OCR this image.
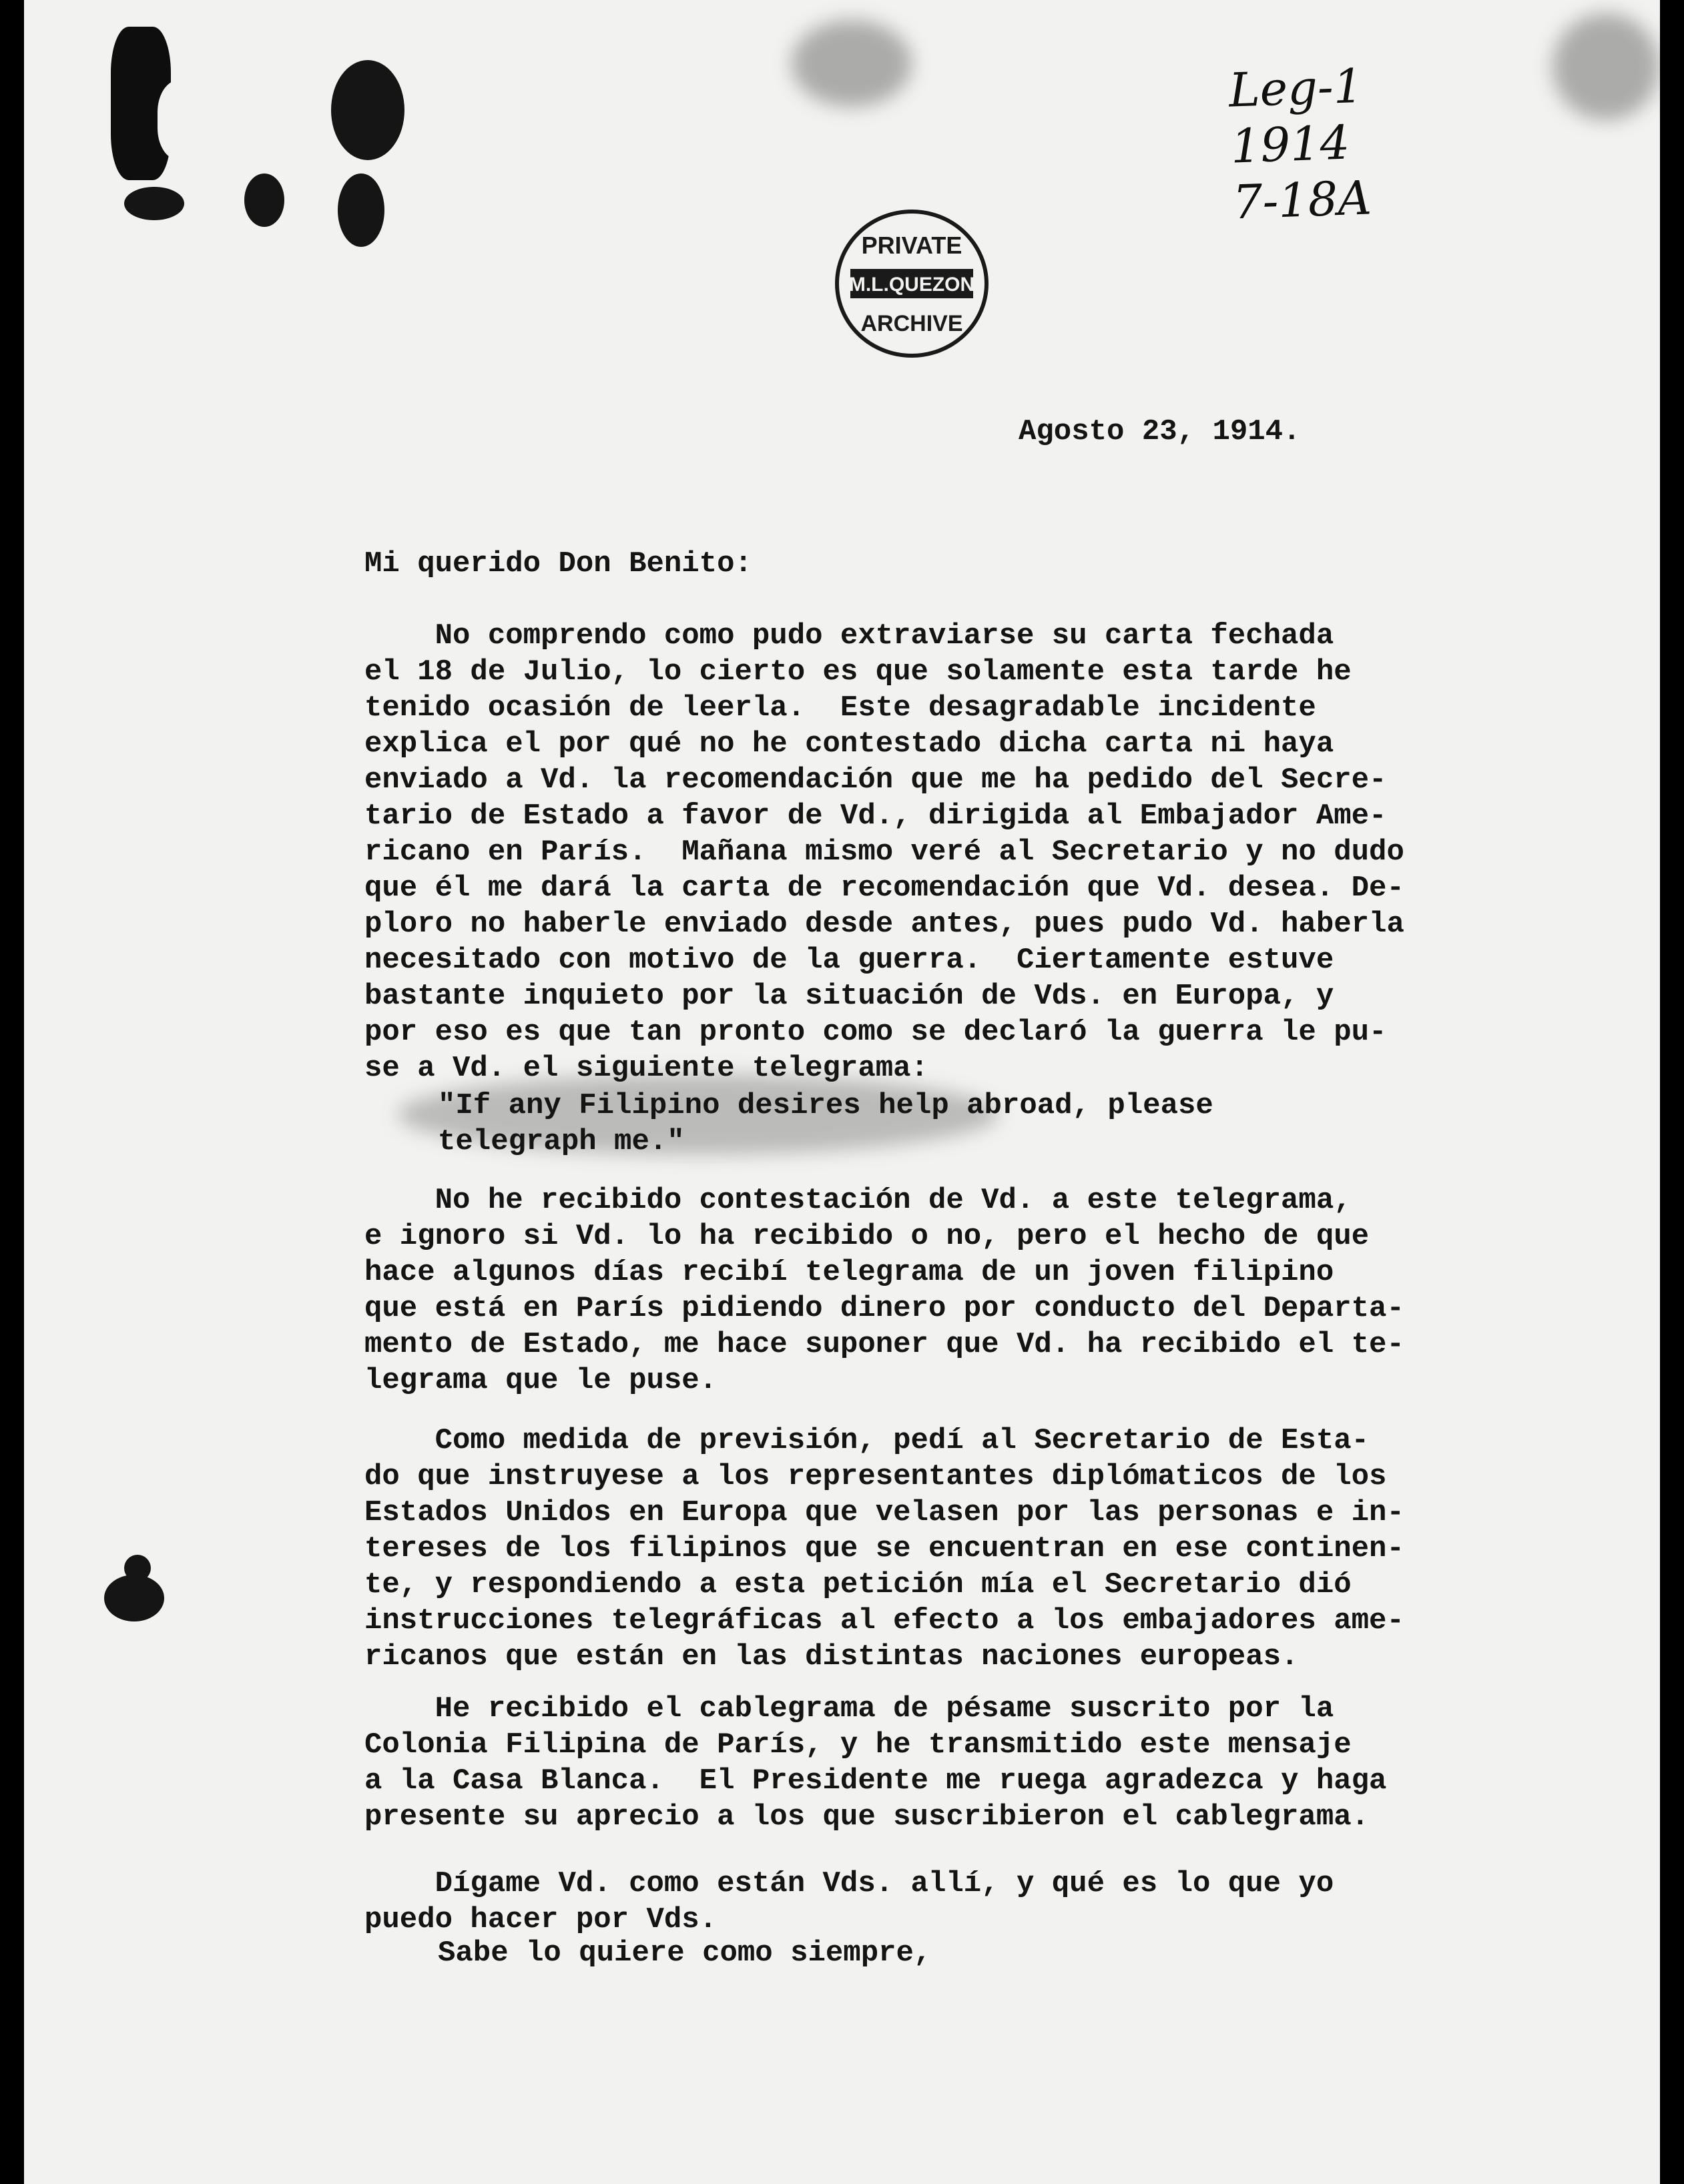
PRIVATE
M.L.QUEZON
ARCHIVE
Leg-1
1914
7-18A

Agosto 23, 1914.

Mi querido Don Benito:

No comprendo como pudo extraviarse su carta fechada
el 18 de Julio, lo cierto es que solamente esta tarde he
tenido ocasión de leerla.  Este desagradable incidente
explica el por qué no he contestado dicha carta ni haya
enviado a Vd. la recomendación que me ha pedido del Secre-
tario de Estado a favor de Vd., dirigida al Embajador Ame-
ricano en París.  Mañana mismo veré al Secretario y no dudo
que él me dará la carta de recomendación que Vd. desea. De-
ploro no haberle enviado desde antes, pues pudo Vd. haberla
necesitado con motivo de la guerra.  Ciertamente estuve
bastante inquieto por la situación de Vds. en Europa, y
por eso es que tan pronto como se declaró la guerra le pu-
se a Vd. el siguiente telegrama:

"If any Filipino desires help abroad, please
telegraph me."

No he recibido contestación de Vd. a este telegrama,
e ignoro si Vd. lo ha recibido o no, pero el hecho de que
hace algunos días recibí telegrama de un joven filipino
que está en París pidiendo dinero por conducto del Departa-
mento de Estado, me hace suponer que Vd. ha recibido el te-
legrama que le puse.

Como medida de previsión, pedí al Secretario de Esta-
do que instruyese a los representantes diplómaticos de los
Estados Unidos en Europa que velasen por las personas e in-
tereses de los filipinos que se encuentran en ese continen-
te, y respondiendo a esta petición mía el Secretario dió
instrucciones telegráficas al efecto a los embajadores ame-
ricanos que están en las distintas naciones europeas.

He recibido el cablegrama de pésame suscrito por la
Colonia Filipina de París, y he transmitido este mensaje
a la Casa Blanca.  El Presidente me ruega agradezca y haga
presente su aprecio a los que suscribieron el cablegrama.

Dígame Vd. como están Vds. allí, y qué es lo que yo
puedo hacer por Vds.

Sabe lo quiere como siempre,
